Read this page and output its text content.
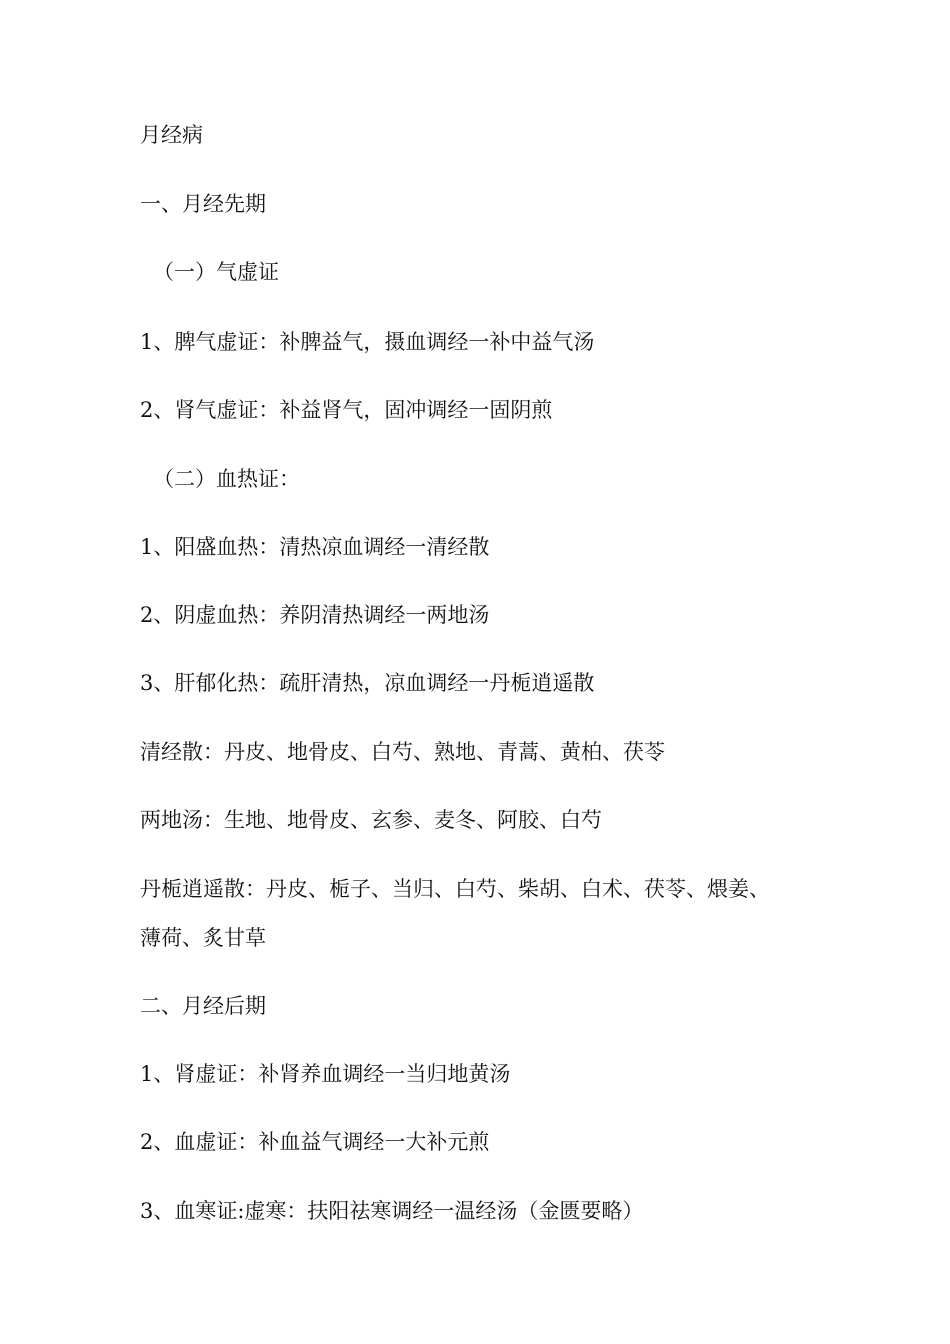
月经病
一、月经先期
（一）气虚证
1、脾气虚证：补脾益气，摄血调经一补中益气汤
2、肾气虚证：补益肾气，固冲调经一固阴煎
（二）血热证：
1、阳盛血热：清热凉血调经一清经散
2、阴虚血热：养阴清热调经一两地汤
3、肝郁化热：疏肝清热，凉血调经一丹栀逍遥散
清经散：丹皮、地骨皮、白芍、熟地、青蒿、黄柏、茯苓
两地汤：生地、地骨皮、玄参、麦冬、阿胶、白芍
丹栀逍遥散：丹皮、栀子、当归、白芍、柴胡、白术、茯苓、煨姜、
薄荷、炙甘草
二、月经后期
1、肾虚证：补肾养血调经一当归地黄汤
2、血虚证：补血益气调经一大补元煎
3、血寒证:虚寒：扶阳祛寒调经一温经汤（金匮要略）
